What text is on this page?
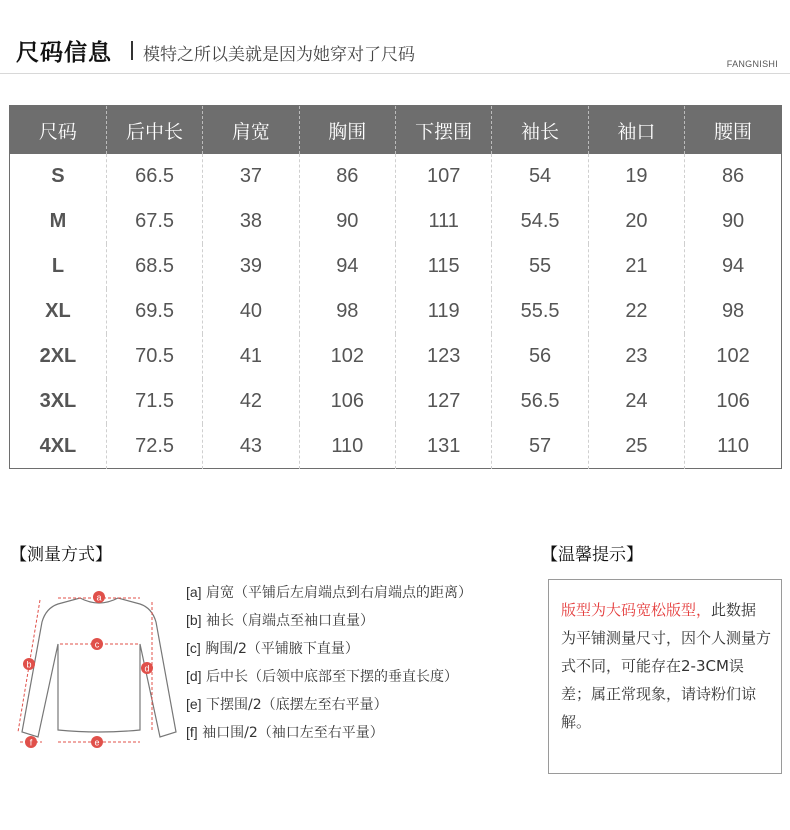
尺码信息 模特之所以美就是因为她穿对了尺码	FANGNISHI
尺码	后中长	肩宽	胸围	下摆围	袖长	袖口	腰围
S	66.5	37	86	107	54	19	86
M	67.5	38	90	111	54.5	20	90
L	68.5	39	94	115	55	21	94
XL	69.5	40	98	119	55.5	22	98
2XL	70.5	41	102	123	56	23	102
3XL	71.5	42	106	127	56.5	24	106
4XL	72.5	43	110	131	57	25	110
【测量方式】
a
b
c
d
e
f
[a] 肩宽（平铺后左肩端点到右肩端点的距离）
[b] 袖长（肩端点至袖口直量）
[c] 胸围/2（平铺腋下直量）
[d] 后中长（后领中底部至下摆的垂直长度）
[e] 下摆围/2（底摆左至右平量）
[f] 袖口围/2（袖口左至右平量）
【温馨提示】
版型为大码宽松版型，此数据为平铺测量尺寸，因个人测量方式不同，可能存在2-3CM误差；属正常现象，请诗粉们谅解。
